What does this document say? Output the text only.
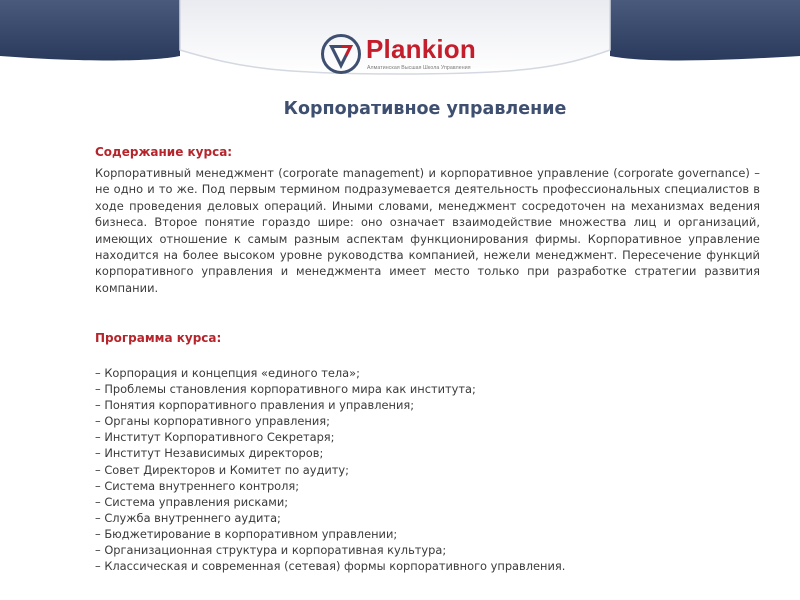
Plankion
Алматинская Высшая Школа Управления
Корпоративное управление
Содержание курса:

Корпоративный менеджмент (corporate management) и корпоративное управление (corporate governance) – не одно и то же. Под первым термином подразумевается деятельность профессиональных специалистов в ходе проведения деловых операций. Иными словами, менеджмент сосредоточен на механизмах ведения бизнеса. Второе понятие гораздо шире: оно означает взаимодействие множества лиц и организаций, имеющих отношение к самым разным аспектам функционирования фирмы. Корпоративное управление находится на более высоком уровне руководства компанией, нежели менеджмент. Пересечение функций корпоративного управления и менеджмента имеет место только при разработке стратегии развития компании.

Программа курса:
– Корпорация и концепция «единого тела»;
– Проблемы становления корпоративного мира как института;
– Понятия корпоративного правления и управления;
– Органы корпоративного управления;
– Институт Корпоративного Секретаря;
– Институт Независимых директоров;
– Совет Директоров и Комитет по аудиту;
– Система внутреннего контроля;
– Система управления рисками;
– Служба внутреннего аудита;
– Бюджетирование в корпоративном управлении;
– Организационная структура и корпоративная культура;
– Классическая и современная (сетевая) формы корпоративного управления.
